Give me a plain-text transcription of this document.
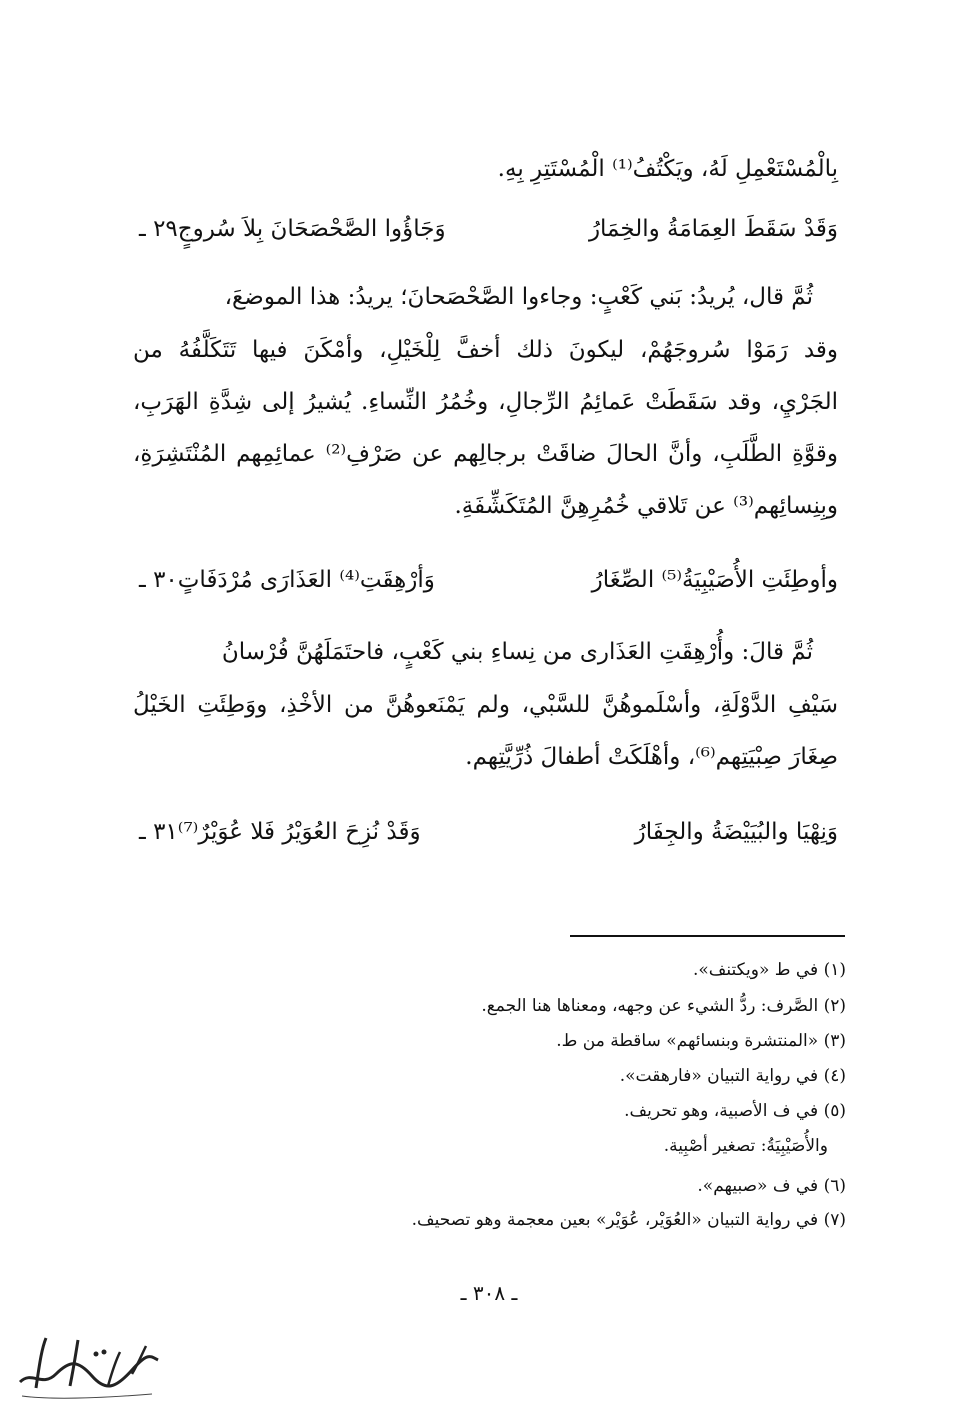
بِالْمُسْتَعْمِلِ لَهُ، ويَكْتُفُ⁽¹⁾ الْمُسْتَتِرِ بِهِ.
٢٩ ـ وَجَاؤُوا الصَّحْصَحَانَ بِلاَ سُروجٍ	وَقَدْ سَقَطَ العِمَامَةُ والخِمَارُ
ثُمَّ قال، يُريدُ: بَني كَعْبٍ: وجاءوا الصَّحْصَحانَ؛ يريدُ: هذا الموضعَ،
وقد رَمَوْا سُروجَهُمْ، ليكونَ ذلك أخفَّ لِلْخَيْلِ، وأمْكَنَ فيها تَتَكَلَّفُهُ من
الجَرْيِ، وقد سَقَطَتْ عَمائِمُ الرِّجالِ، وخُمُرُ النِّساءِ. يُشيرُ إلى شِدَّةِ الهَرَبِ،
وقوَّةِ الطَّلَبِ، وأنَّ الحالَ ضاقَتْ برجالِهم عن صَرْفِ⁽²⁾ عمائِمِهم المُنْتَشِرَةِ،
وبِنِسائِهم⁽³⁾ عن تَلاقي خُمُرِهِنَّ المُتَكَشِّفَةِ.
٣٠ ـ وَأرْهِقَتِ⁽⁴⁾ العَذَارَى مُرْدَفَاتٍ	وأوطِئَتِ الأُصَيْبِيَةُ⁽⁵⁾ الصِّغَارُ
ثُمَّ قالَ: وأُرْهِقَتِ العَذَارى من نِساءِ بني كَعْبٍ، فاحتَمَلَهُنَّ فُرْسانُ
سَيْفِ الدَّوْلَةِ، وأسْلَموهُنَّ للسَّبْي، ولم يَمْنَعوهُنَّ من الأخْذِ، ووَطِئَتِ الخَيْلُ
صِغَارَ صِبْيَتِهم⁽⁶⁾، وأهْلَكَتْ أطفالَ ذُرِّيَّتِهم.
٣١ ـ وَقَدْ نُزِحَ العُوَيْرُ فَلا عُوَيْرٌ⁽⁷⁾	وَنِهْيَا والبُيَيْضَةُ والجِفَارُ
(١) في ط «ويكتنف».
(٢) الصَّرف: ردُّ الشيء عن وجهه، ومعناها هنا الجمع.
(٣) «المنتشرة وبنسائهم» ساقطة من ط.
(٤) في رواية التبيان «فارهقت».
(٥) في ف الأصبية، وهو تحريف.
والأُصَيْبِيَةُ: تصغير أصْبِية.
(٦) في ف «صبيهم».
(٧) في رواية التبيان «العُوَيْر، عُوَيْر» بعين معجمة وهو تصحيف.
ـ ٣٠٨ ـ
